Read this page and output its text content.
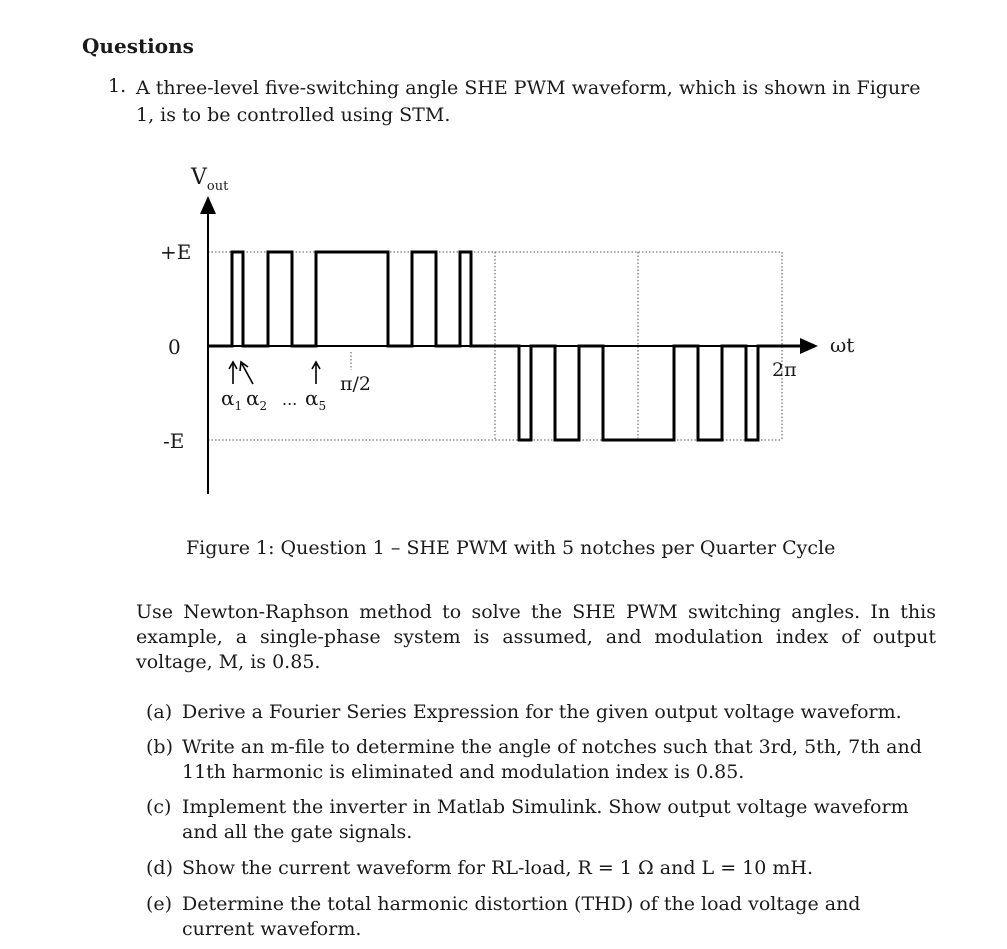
Questions
1. A three-level five-switching angle SHE PWM waveform, which is shown in Figure 1, is to be controlled using STM.
+E
0
-E
$V_{out}$
ωt
$\alpha_1$ $\alpha_2$ ... $\alpha_5$
π/2
2π
Figure 1: Question 1 – SHE PWM with 5 notches per Quarter Cycle
Use Newton-Raphson method to solve the SHE PWM switching angles. In this example, a single-phase system is assumed, and modulation index of output voltage, M, is 0.85.
(a) Derive a Fourier Series Expression for the given output voltage waveform.
(b) Write an m-file to determine the angle of notches such that 3rd, 5th, 7th and 11th harmonic is eliminated and modulation index is 0.85.
(c) Implement the inverter in Matlab Simulink. Show output voltage waveform and all the gate signals.
(d) Show the current waveform for RL-load, R = 1 Ω and L = 10 mH.
(e) Determine the total harmonic distortion (THD) of the load voltage and current waveform.
